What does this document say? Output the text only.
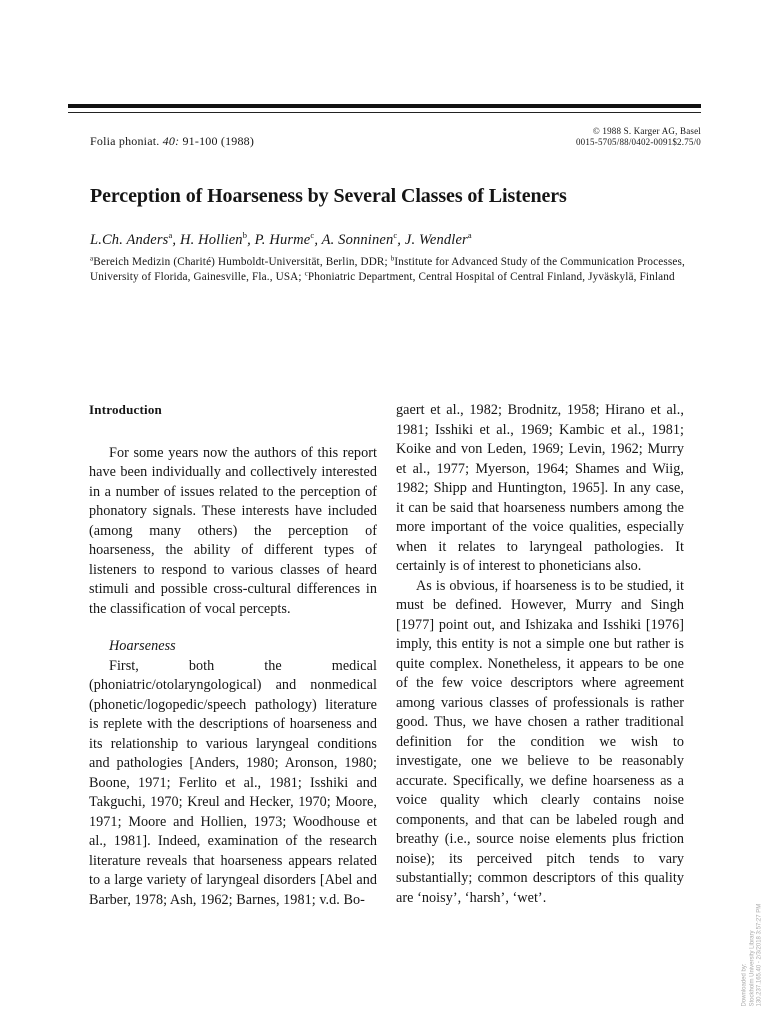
Folia phoniat. 40: 91-100 (1988)
© 1988 S. Karger AG, Basel
0015-5705/88/0402-0091$2.75/0
Perception of Hoarseness by Several Classes of Listeners
L.Ch. Anders$^a$, H. Hollien$^b$, P. Hurme$^c$, A. Sonninen$^c$, J. Wendler$^a$
$^a$Bereich Medizin (Charité) Humboldt-Universität, Berlin, DDR; $^b$Institute for Advanced Study of the Communication Processes, University of Florida, Gainesville, Fla., USA; $^c$Phoniatric Department, Central Hospital of Central Finland, Jyväskylä, Finland
Introduction

For some years now the authors of this report have been individually and collectively interested in a number of issues related to the perception of phonatory signals. These interests have included (among many others) the perception of hoarseness, the ability of different types of listeners to respond to various classes of heard stimuli and possible cross-cultural differences in the classification of vocal percepts.

Hoarseness

First, both the medical (phoniatric/otolaryngological) and nonmedical (phonetic/logopedic/speech pathology) literature is replete with the descriptions of hoarseness and its relationship to various laryngeal conditions and pathologies [Anders, 1980; Aronson, 1980; Boone, 1971; Ferlito et al., 1981; Isshiki and Takguchi, 1970; Kreul and Hecker, 1970; Moore, 1971; Moore and Hollien, 1973; Woodhouse et al., 1981]. Indeed, examination of the research literature reveals that hoarseness appears related to a large variety of laryngeal disorders [Abel and Barber, 1978; Ash, 1962; Barnes, 1981; v.d. Bo-

gaert et al., 1982; Brodnitz, 1958; Hirano et al., 1981; Isshiki et al., 1969; Kambic et al., 1981; Koike and von Leden, 1969; Levin, 1962; Murry et al., 1977; Myerson, 1964; Shames and Wiig, 1982; Shipp and Huntington, 1965]. In any case, it can be said that hoarseness numbers among the more important of the voice qualities, especially when it relates to laryngeal pathologies. It certainly is of interest to phoneticians also.

As is obvious, if hoarseness is to be studied, it must be defined. However, Murry and Singh [1977] point out, and Ishizaka and Isshiki [1976] imply, this entity is not a simple one but rather is quite complex. Nonetheless, it appears to be one of the few voice descriptors where agreement among various classes of professionals is rather good. Thus, we have chosen a rather traditional definition for the condition we wish to investigate, one we believe to be reasonably accurate. Specifically, we define hoarseness as a voice quality which clearly contains noise components, and that can be labeled rough and breathy (i.e., source noise elements plus friction noise); its perceived pitch tends to vary substantially; common descriptors of this quality are ‘noisy’, ‘harsh’, ‘wet’.

Downloaded by: Stockholm University Library 130.237.165.40 - 2/3/2018 3:57:27 PM
